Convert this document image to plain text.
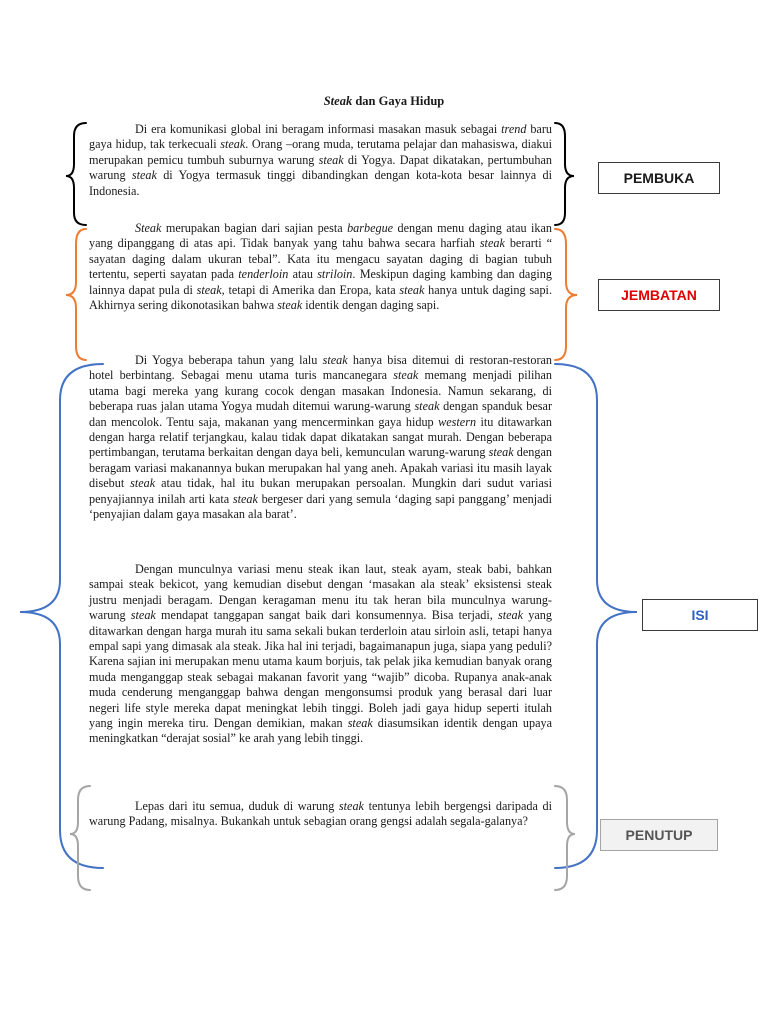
Steak dan Gaya Hidup

Di era komunikasi global ini beragam informasi masakan masuk sebagai trend baru gaya hidup, tak terkecuali steak. Orang –orang muda, terutama pelajar dan mahasiswa, diakui merupakan pemicu tumbuh suburnya warung steak di Yogya. Dapat dikatakan, pertumbuhan warung steak di Yogya termasuk tinggi dibandingkan dengan kota-kota besar lainnya di Indonesia.

Steak merupakan bagian dari sajian pesta barbegue dengan menu daging atau ikan yang dipanggang di atas api. Tidak banyak yang tahu bahwa secara harfiah steak berarti “ sayatan daging dalam ukuran tebal”. Kata itu mengacu sayatan daging di bagian tubuh tertentu, seperti sayatan pada tenderloin atau striloin. Meskipun daging kambing dan daging lainnya dapat pula di steak, tetapi di Amerika dan Eropa, kata steak hanya untuk daging sapi. Akhirnya sering dikonotasikan bahwa steak identik dengan daging sapi.

Di Yogya beberapa tahun yang lalu steak hanya bisa ditemui di restoran-restoran hotel berbintang. Sebagai menu utama turis mancanegara steak memang menjadi pilihan utama bagi mereka yang kurang cocok dengan masakan Indonesia. Namun sekarang, di beberapa ruas jalan utama Yogya mudah ditemui warung-warung steak dengan spanduk besar dan mencolok. Tentu saja, makanan yang mencerminkan gaya hidup western itu ditawarkan dengan harga relatif terjangkau, kalau tidak dapat dikatakan sangat murah. Dengan beberapa pertimbangan, terutama berkaitan dengan daya beli, kemunculan warung-warung steak dengan beragam variasi makanannya bukan merupakan hal yang aneh. Apakah variasi itu masih layak disebut steak atau tidak, hal itu bukan merupakan persoalan. Mungkin dari sudut variasi penyajiannya inilah arti kata steak bergeser dari yang semula ‘daging sapi panggang’ menjadi ‘penyajian dalam gaya masakan ala barat’.

Dengan munculnya variasi menu steak ikan laut, steak ayam, steak babi, bahkan sampai steak bekicot, yang kemudian disebut dengan ‘masakan ala steak’ eksistensi steak justru menjadi beragam. Dengan keragaman menu itu tak heran bila munculnya warung-warung steak mendapat tanggapan sangat baik dari konsumennya. Bisa terjadi, steak yang ditawarkan dengan harga murah itu sama sekali bukan terderloin atau sirloin asli, tetapi hanya empal sapi yang dimasak ala steak. Jika hal ini terjadi, bagaimanapun juga, siapa yang peduli? Karena sajian ini merupakan menu utama kaum borjuis, tak pelak jika kemudian banyak orang muda menganggap steak sebagai makanan favorit yang “wajib” dicoba. Rupanya anak-anak muda cenderung menganggap bahwa dengan mengonsumsi produk yang berasal dari luar negeri life style mereka dapat meningkat lebih tinggi. Boleh jadi gaya hidup seperti itulah yang ingin mereka tiru. Dengan demikian, makan steak diasumsikan identik dengan upaya meningkatkan “derajat sosial” ke arah yang lebih tinggi.

Lepas dari itu semua, duduk di warung steak tentunya lebih bergengsi daripada di warung Padang, misalnya. Bukankah untuk sebagian orang gengsi adalah segala-galanya?

PEMBUKA
JEMBATAN
ISI
PENUTUP
